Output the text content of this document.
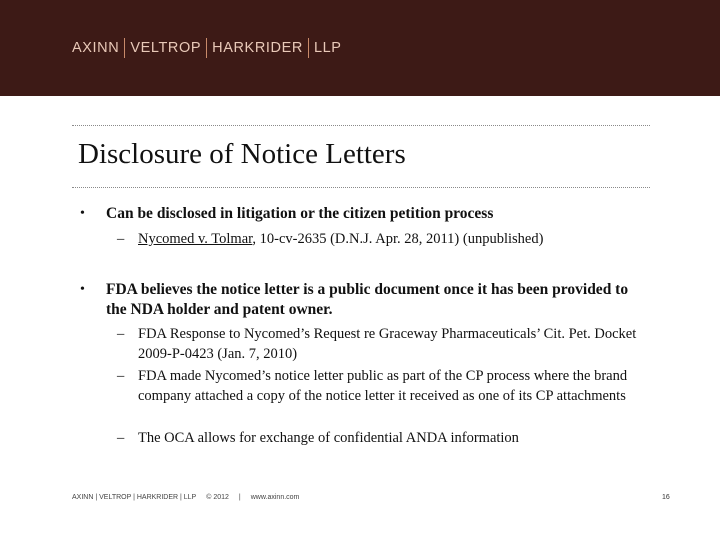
AXINN VELTROP HARKRIDER LLP
Disclosure of Notice Letters
• Can be disclosed in litigation or the citizen petition process
– Nycomed v. Tolmar, 10-cv-2635 (D.N.J. Apr. 28, 2011) (unpublished)
• FDA believes the notice letter is a public document once it has been provided to the NDA holder and patent owner.
– FDA Response to Nycomed’s Request re Graceway Pharmaceuticals’ Cit. Pet. Docket 2009-P-0423 (Jan. 7, 2010)
– FDA made Nycomed’s notice letter public as part of the CP process where the brand company attached a copy of the notice letter it received as one of its CP attachments
– The OCA allows for exchange of confidential ANDA information
AXINN | VELTROP | HARKRIDER | LLP © 2012 | www.axinn.com	16
